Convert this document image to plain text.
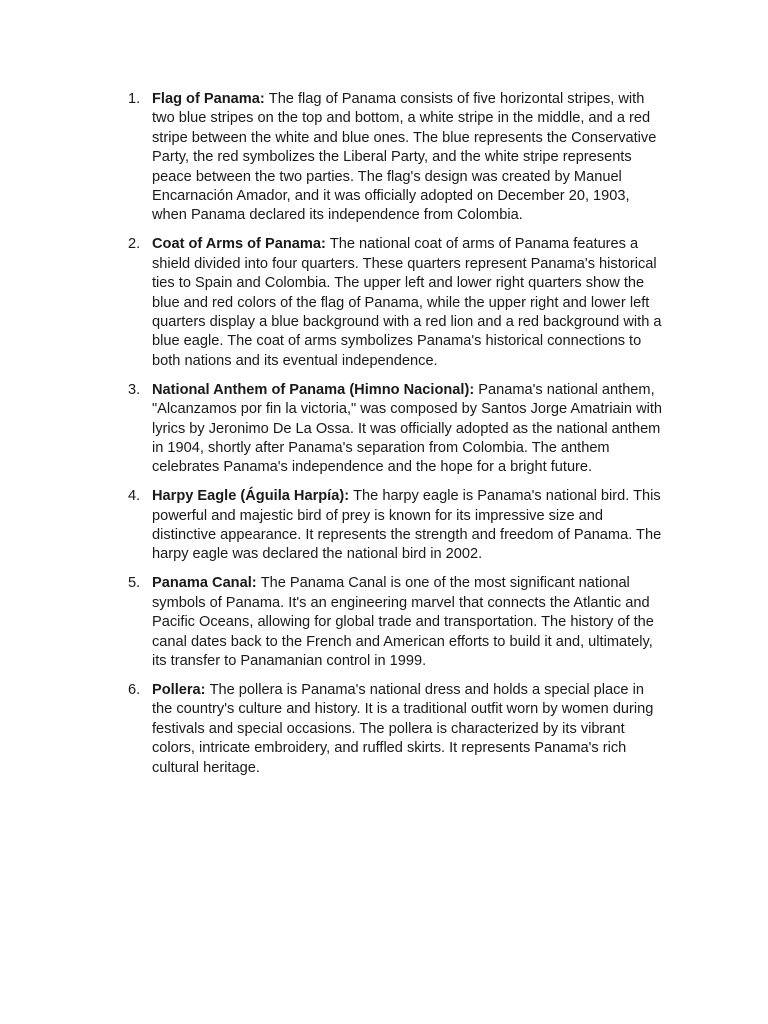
1. Flag of Panama: The flag of Panama consists of five horizontal stripes, with two blue stripes on the top and bottom, a white stripe in the middle, and a red stripe between the white and blue ones. The blue represents the Conservative Party, the red symbolizes the Liberal Party, and the white stripe represents peace between the two parties. The flag's design was created by Manuel Encarnación Amador, and it was officially adopted on December 20, 1903, when Panama declared its independence from Colombia.
2. Coat of Arms of Panama: The national coat of arms of Panama features a shield divided into four quarters. These quarters represent Panama's historical ties to Spain and Colombia. The upper left and lower right quarters show the blue and red colors of the flag of Panama, while the upper right and lower left quarters display a blue background with a red lion and a red background with a blue eagle. The coat of arms symbolizes Panama's historical connections to both nations and its eventual independence.
3. National Anthem of Panama (Himno Nacional): Panama's national anthem, "Alcanzamos por fin la victoria," was composed by Santos Jorge Amatriain with lyrics by Jeronimo De La Ossa. It was officially adopted as the national anthem in 1904, shortly after Panama's separation from Colombia. The anthem celebrates Panama's independence and the hope for a bright future.
4. Harpy Eagle (Águila Harpía): The harpy eagle is Panama's national bird. This powerful and majestic bird of prey is known for its impressive size and distinctive appearance. It represents the strength and freedom of Panama. The harpy eagle was declared the national bird in 2002.
5. Panama Canal: The Panama Canal is one of the most significant national symbols of Panama. It's an engineering marvel that connects the Atlantic and Pacific Oceans, allowing for global trade and transportation. The history of the canal dates back to the French and American efforts to build it and, ultimately, its transfer to Panamanian control in 1999.
6. Pollera: The pollera is Panama's national dress and holds a special place in the country's culture and history. It is a traditional outfit worn by women during festivals and special occasions. The pollera is characterized by its vibrant colors, intricate embroidery, and ruffled skirts. It represents Panama's rich cultural heritage.
